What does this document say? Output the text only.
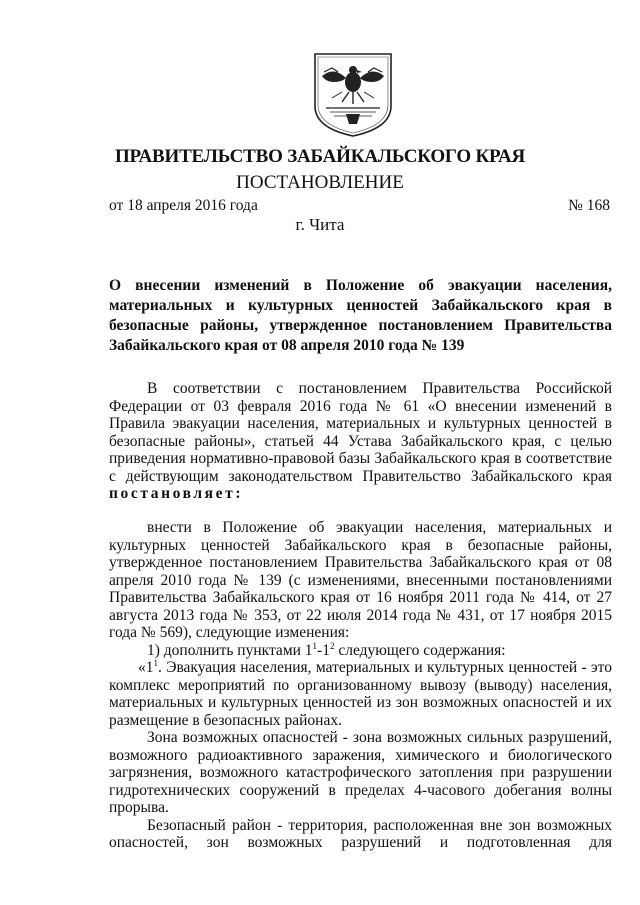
ПРАВИТЕЛЬСТВО ЗАБАЙКАЛЬСКОГО КРАЯ
ПОСТАНОВЛЕНИЕ
от 18 апреля 2016 года	№ 168
г. Чита
О внесении изменений в Положение об эвакуации населения, материальных и культурных ценностей Забайкальского края в безопасные районы, утвержденное постановлением Правительства Забайкальского края от 08 апреля 2010 года № 139

В соответствии с постановлением Правительства Российской Федерации от 03 февраля 2016 года № 61 «О внесении изменений в Правила эвакуации населения, материальных и культурных ценностей в безопасные районы», статьей 44 Устава Забайкальского края, с целью приведения нормативно-правовой базы Забайкальского края в соответствие с действующим законодательством Правительство Забайкальского края постановляет:

внести в Положение об эвакуации населения, материальных и культурных ценностей Забайкальского края в безопасные районы, утвержденное постановлением Правительства Забайкальского края от 08 апреля 2010 года № 139 (с изменениями, внесенными постановлениями Правительства Забайкальского края от 16 ноября 2011 года № 414, от 27 августа 2013 года № 353, от 22 июля 2014 года № 431, от 17 ноября 2015 года № 569), следующие изменения:

1) дополнить пунктами $1^1-1^2$ следующего содержания:

«$1^1$. Эвакуация населения, материальных и культурных ценностей - это комплекс мероприятий по организованному вывозу (выводу) населения, материальных и культурных ценностей из зон возможных опасностей и их размещение в безопасных районах.

Зона возможных опасностей - зона возможных сильных разрушений, возможного радиоактивного заражения, химического и биологического загрязнения, возможного катастрофического затопления при разрушении гидротехнических сооружений в пределах 4-часового добегания волны прорыва.

Безопасный район - территория, расположенная вне зон возможных опасностей, зон возможных разрушений и подготовленная для
